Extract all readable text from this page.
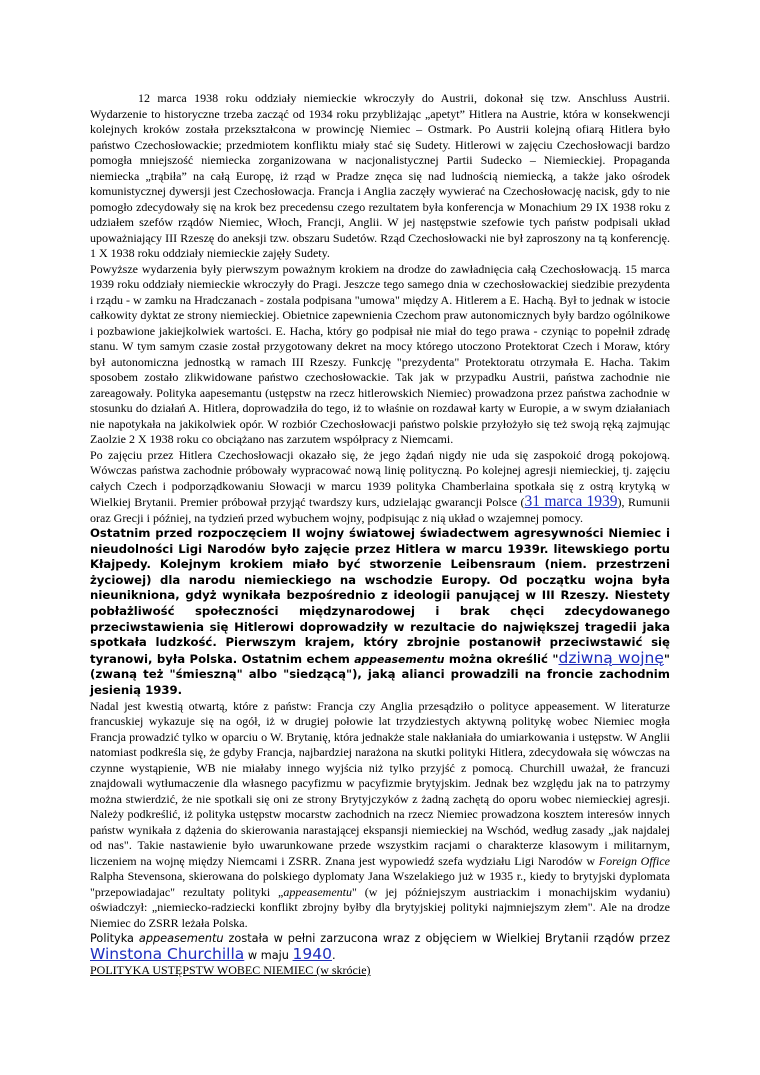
12 marca 1938 roku oddziały niemieckie wkroczyły do Austrii, dokonał się tzw. Anschluss Austrii. Wydarzenie to historyczne trzeba zacząć od 1934 roku przybliżając „apetyt” Hitlera na Austrie, która w konsekwencji kolejnych kroków została przekształcona w prowincję Niemiec – Ostmark. Po Austrii kolejną ofiarą Hitlera było państwo Czechosłowackie; przedmiotem konfliktu miały stać się Sudety. Hitlerowi w zajęciu Czechosłowacji bardzo pomogła mniejszość niemiecka zorganizowana w nacjonalistycznej Partii Sudecko – Niemieckiej. Propaganda niemiecka „trąbiła” na całą Europę, iż rząd w Pradze znęca się nad ludnością niemiecką, a także jako ośrodek komunistycznej dywersji jest Czechosłowacja. Francja i Anglia zaczęły wywierać na Czechosłowację nacisk, gdy to nie pomogło zdecydowały się na krok bez precedensu czego rezultatem była konferencja w Monachium 29 IX 1938 roku z udziałem szefów rządów Niemiec, Włoch, Francji, Anglii. W jej następstwie szefowie tych państw podpisali układ upoważniający III Rzeszę do aneksji tzw. obszaru Sudetów. Rząd Czechosłowacki nie był zaproszony na tą konferencję. 1 X 1938 roku oddziały niemieckie zajęły Sudety.

Powyższe wydarzenia były pierwszym poważnym krokiem na drodze do zawładnięcia całą Czechosłowacją. 15 marca 1939 roku oddziały niemieckie wkroczyły do Pragi. Jeszcze tego samego dnia w czechosłowackiej siedzibie prezydenta i rządu - w zamku na Hradczanach - zostala podpisana "umowa" między A. Hitlerem a E. Hachą. Był to jednak w istocie całkowity dyktat ze strony niemieckiej. Obietnice zapewnienia Czechom praw autonomicznych były bardzo ogólnikowe i pozbawione jakiejkolwiek wartości. E. Hacha, który go podpisał nie miał do tego prawa - czyniąc to popełnił zdradę stanu. W tym samym czasie został przygotowany dekret na mocy którego utoczono Protektorat Czech i Moraw, który był autonomiczna jednostką w ramach III Rzeszy. Funkcję "prezydenta" Protektoratu otrzymała E. Hacha. Takim sposobem zostało zlikwidowane państwo czechosłowackie. Tak jak w przypadku Austrii, państwa zachodnie nie zareagowały. Polityka aapesemantu (ustępstw na rzecz hitlerowskich Niemiec) prowadzona przez państwa zachodnie w stosunku do działań A. Hitlera, doprowadziła do tego, iż to właśnie on rozdawał karty w Europie, a w swym działaniach nie napotykała na jakikolwiek opór. W rozbiór Czechosłowacji państwo polskie przyłożyło się też swoją ręką zajmując Zaolzie 2 X 1938 roku co obciążano nas zarzutem współpracy z Niemcami.

Po zajęciu przez Hitlera Czechosłowacji okazało się, że jego żądań nigdy nie uda się zaspokoić drogą pokojową. Wówczas państwa zachodnie próbowały wypracować nową linię polityczną. Po kolejnej agresji niemieckiej, tj. zajęciu całych Czech i podporządkowaniu Słowacji w marcu 1939 polityka Chamberlaina spotkała się z ostrą krytyką w Wielkiej Brytanii. Premier próbował przyjąć twardszy kurs, udzielając gwarancji Polsce (31 marca 1939), Rumunii oraz Grecji i później, na tydzień przed wybuchem wojny, podpisując z nią układ o wzajemnej pomocy.

Ostatnim przed rozpoczęciem II wojny światowej świadectwem agresywności Niemiec i nieudolności Ligi Narodów było zajęcie przez Hitlera w marcu 1939r. litewskiego portu Kłajpedy. Kolejnym krokiem miało być stworzenie Leibensraum (niem. przestrzeni życiowej) dla narodu niemieckiego na wschodzie Europy. Od początku wojna była nieunikniona, gdyż wynikała bezpośrednio z ideologii panującej w III Rzeszy. Niestety pobłażliwość społeczności międzynarodowej i brak chęci zdecydowanego przeciwstawienia się Hitlerowi doprowadziły w rezultacie do największej tragedii jaka spotkała ludzkość. Pierwszym krajem, który zbrojnie postanowił przeciwstawić się tyranowi, była Polska. Ostatnim echem appeasementu można określić "dziwną wojnę" (zwaną też "śmieszną" albo "siedzącą"), jaką alianci prowadzili na froncie zachodnim jesienią 1939.

Nadal jest kwestią otwartą, które z państw: Francja czy Anglia przesądziło o polityce appeasement. W literaturze francuskiej wykazuje się na ogół, iż w drugiej połowie lat trzydziestych aktywną politykę wobec Niemiec mogła Francja prowadzić tylko w oparciu o W. Brytanię, która jednakże stale nakłaniała do umiarkowania i ustępstw. W Anglii natomiast podkreśla się, że gdyby Francja, najbardziej narażona na skutki polityki Hitlera, zdecydowała się wówczas na czynne wystąpienie, WB nie miałaby innego wyjścia niż tylko przyjść z pomocą. Churchill uważał, że francuzi znajdowali wytłumaczenie dla własnego pacyfizmu w pacyfizmie brytyjskim. Jednak bez względu jak na to patrzymy można stwierdzić, że nie spotkali się oni ze strony Brytyjczyków z żadną zachętą do oporu wobec niemieckiej agresji. Należy podkreślić, iż polityka ustępstw mocarstw zachodnich na rzecz Niemiec prowadzona kosztem interesów innych państw wynikała z dążenia do skierowania narastającej ekspansji niemieckiej na Wschód, według zasady „jak najdalej od nas". Takie nastawienie było uwarunkowane przede wszystkim racjami o charakterze klasowym i militarnym, liczeniem na wojnę między Niemcami i ZSRR. Znana jest wypowiedź szefa wydziału Ligi Narodów w Foreign Office Ralpha Stevensona, skierowana do polskiego dyplomaty Jana Wszelakiego już w 1935 r., kiedy to brytyjski dyplomata "przepowiadajac" rezultaty polityki „appeasementu" (w jej późniejszym austriackim i monachijskim wydaniu) oświadczył: „niemiecko-radziecki konflikt zbrojny byłby dla brytyjskiej polityki najmniejszym złem". Ale na drodze Niemiec do ZSRR leżała Polska.

Polityka appeasementu została w pełni zarzucona wraz z objęciem w Wielkiej Brytanii rządów przez Winstona Churchilla w maju 1940.

POLITYKA USTĘPSTW WOBEC NIEMIEC (w skrócie)
